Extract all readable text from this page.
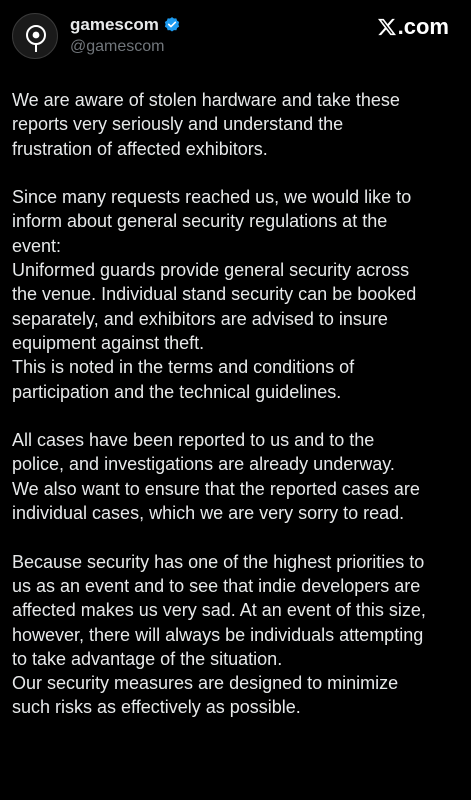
gamescom
@gamescom
.com

We are aware of stolen hardware and take these
reports very seriously and understand the
frustration of affected exhibitors.

Since many requests reached us, we would like to
inform about general security regulations at the
event:
Uniformed guards provide general security across
the venue. Individual stand security can be booked
separately, and exhibitors are advised to insure
equipment against theft.
This is noted in the terms and conditions of
participation and the technical guidelines.

All cases have been reported to us and to the
police, and investigations are already underway.
We also want to ensure that the reported cases are
individual cases, which we are very sorry to read.

Because security has one of the highest priorities to
us as an event and to see that indie developers are
affected makes us very sad. At an event of this size,
however, there will always be individuals attempting
to take advantage of the situation.
Our security measures are designed to minimize
such risks as effectively as possible.
